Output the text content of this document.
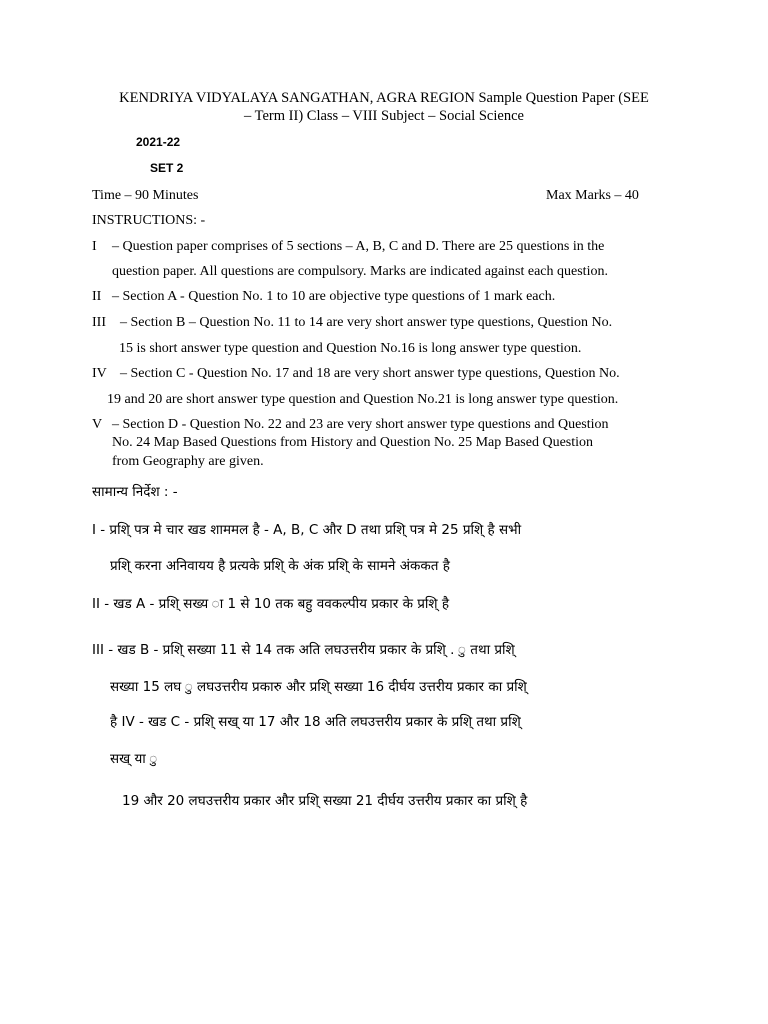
KENDRIYA VIDYALAYA SANGATHAN, AGRA REGION Sample Question Paper (SEE
– Term II) Class – VIII Subject – Social Science
2021-22
SET 2
Time – 90 Minutes	Max Marks – 40
INSTRUCTIONS: -
I – Question paper comprises of 5 sections – A, B, C and D. There are 25 questions in the
question paper. All questions are compulsory. Marks are indicated against each question.
II – Section A - Question No. 1 to 10 are objective type questions of 1 mark each.
III – Section B – Question No. 11 to 14 are very short answer type questions, Question No.
15 is short answer type question and Question No.16 is long answer type question.
IV – Section C - Question No. 17 and 18 are very short answer type questions, Question No.
19 and 20 are short answer type question and Question No.21 is long answer type question.
V – Section D - Question No. 22 and 23 are very short answer type questions and Question
No. 24 Map Based Questions from History and Question No. 25 Map Based Question
from Geography are given.
सामान्य निर्देश : -
I - प्रशि् पत्र मे चार खड शाममल है - A, B, C और D तथा प्रशि् पत्र मे 25 प्रशि् है सभी
प्रशि् करना अनिवायय है प्रत्यके प्रशि् के अंक प्रशि् के सामने अंककत है
II - खड A - प्रशि् सख्य ा 1 से 10 तक बहु ववकल्पीय प्रकार के प्रशि् है
III - खड B - प्रशि् सख्या 11 से 14 तक अति लघउत्तरीय प्रकार के प्रशि् . ु तथा प्रशि्
सख्या 15 लघ ु लघउत्तरीय प्रकारु और प्रशि् सख्या 16 दीर्घय उत्तरीय प्रकार का प्रशि्
है IV - खड C - प्रशि् सख् या 17 और 18 अति लघउत्तरीय प्रकार के प्रशि् तथा प्रशि्
सख् या ु
19 और 20 लघउत्तरीय प्रकार और प्रशि् सख्या 21 दीर्घय उत्तरीय प्रकार का प्रशि् है
